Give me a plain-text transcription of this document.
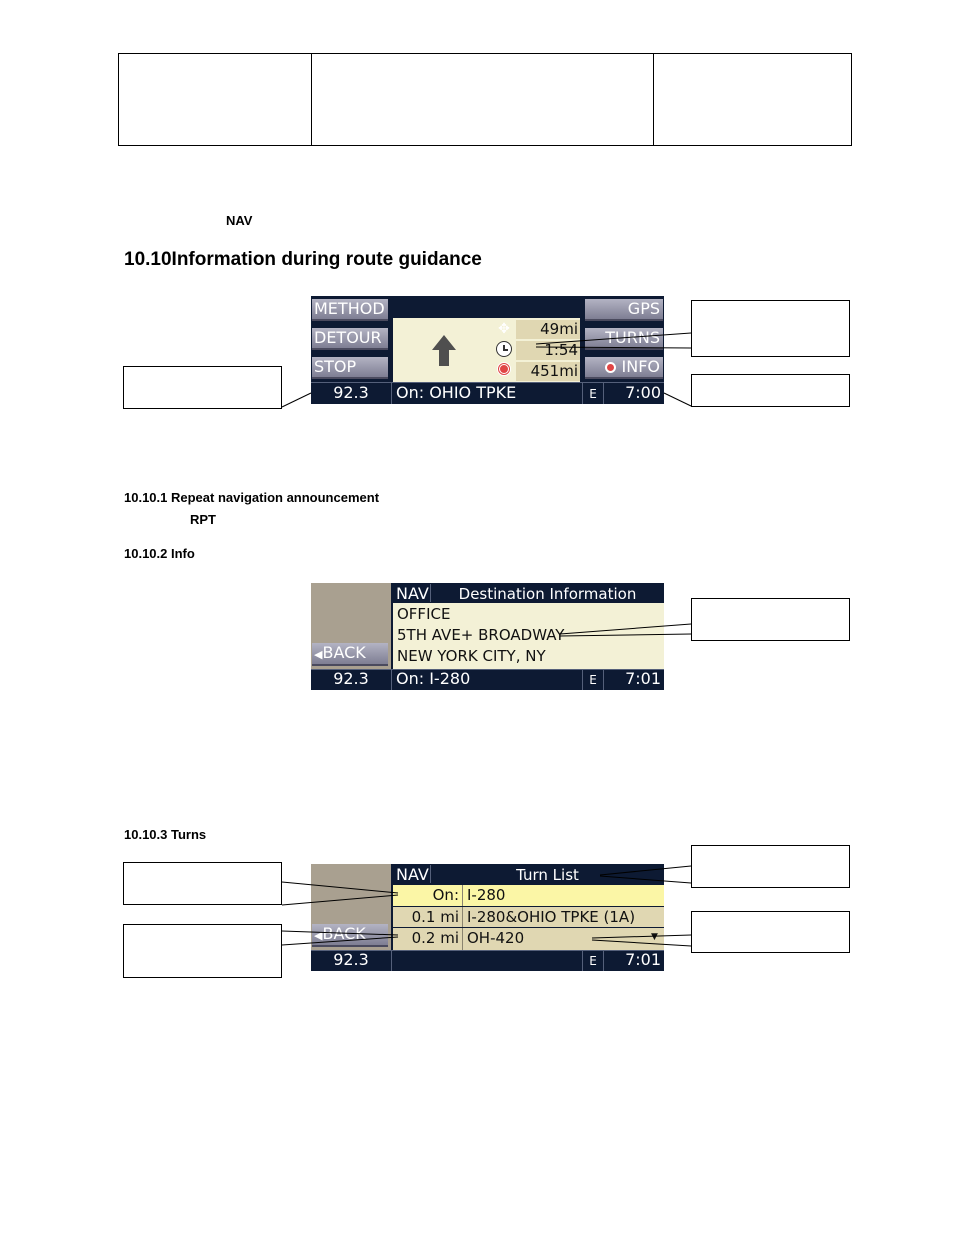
NAV
10.10Information during route guidance
METHOD
DETOUR
STOP
✥	49mi
1:54
451mi
GPS
TURNS
INFO
92.3	On: OHIO TPKE	E	7:00
10.10.1 Repeat navigation announcement
RPT
10.10.2 Info
◀BACK
NAV	Destination Information
OFFICE
5TH AVE+ BROADWAY
NEW YORK CITY, NY
92.3	On: I-280	E	7:01
10.10.3 Turns
◀BACK
NAV	Turn List
On: I-280
0.1 mi I-280&OHIO TPKE (1A)
0.2 mi OH-420	▼
92.3	E	7:01
